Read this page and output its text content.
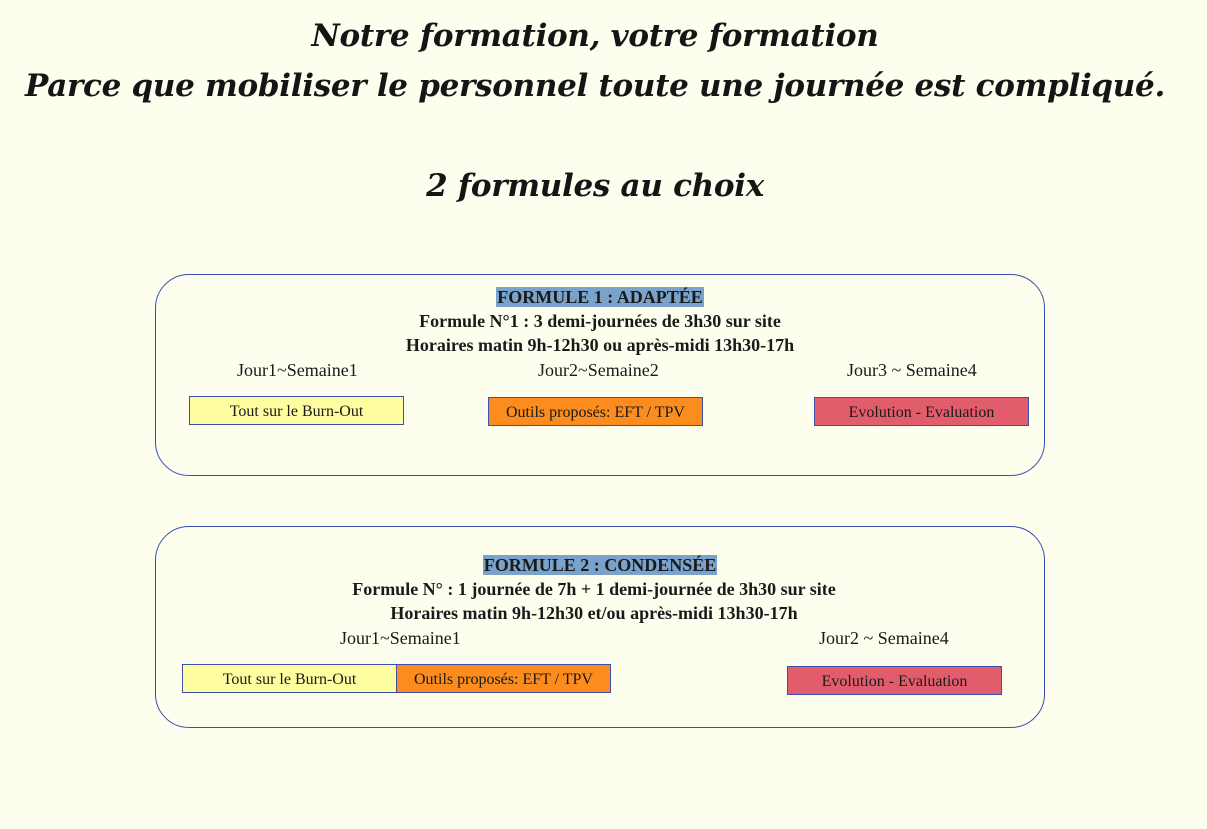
Notre formation, votre formation
Parce que mobiliser le personnel toute une journée est compliqué.
2 formules au choix
FORMULE 1 : ADAPTÉE
Formule N°1 : 3 demi-journées de 3h30 sur site
Horaires matin 9h-12h30 ou après-midi 13h30-17h
Jour1~Semaine1	Jour2~Semaine2	Jour3 ~ Semaine4
Tout sur le Burn-Out	Outils proposés: EFT / TPV	Evolution - Evaluation
FORMULE 2 : CONDENSÉE
Formule N° : 1 journée de 7h + 1 demi-journée de 3h30 sur site
Horaires matin 9h-12h30 et/ou après-midi 13h30-17h
Jour1~Semaine1	Jour2 ~ Semaine4
Tout sur le Burn-Out	Outils proposés: EFT / TPV	Evolution - Evaluation
